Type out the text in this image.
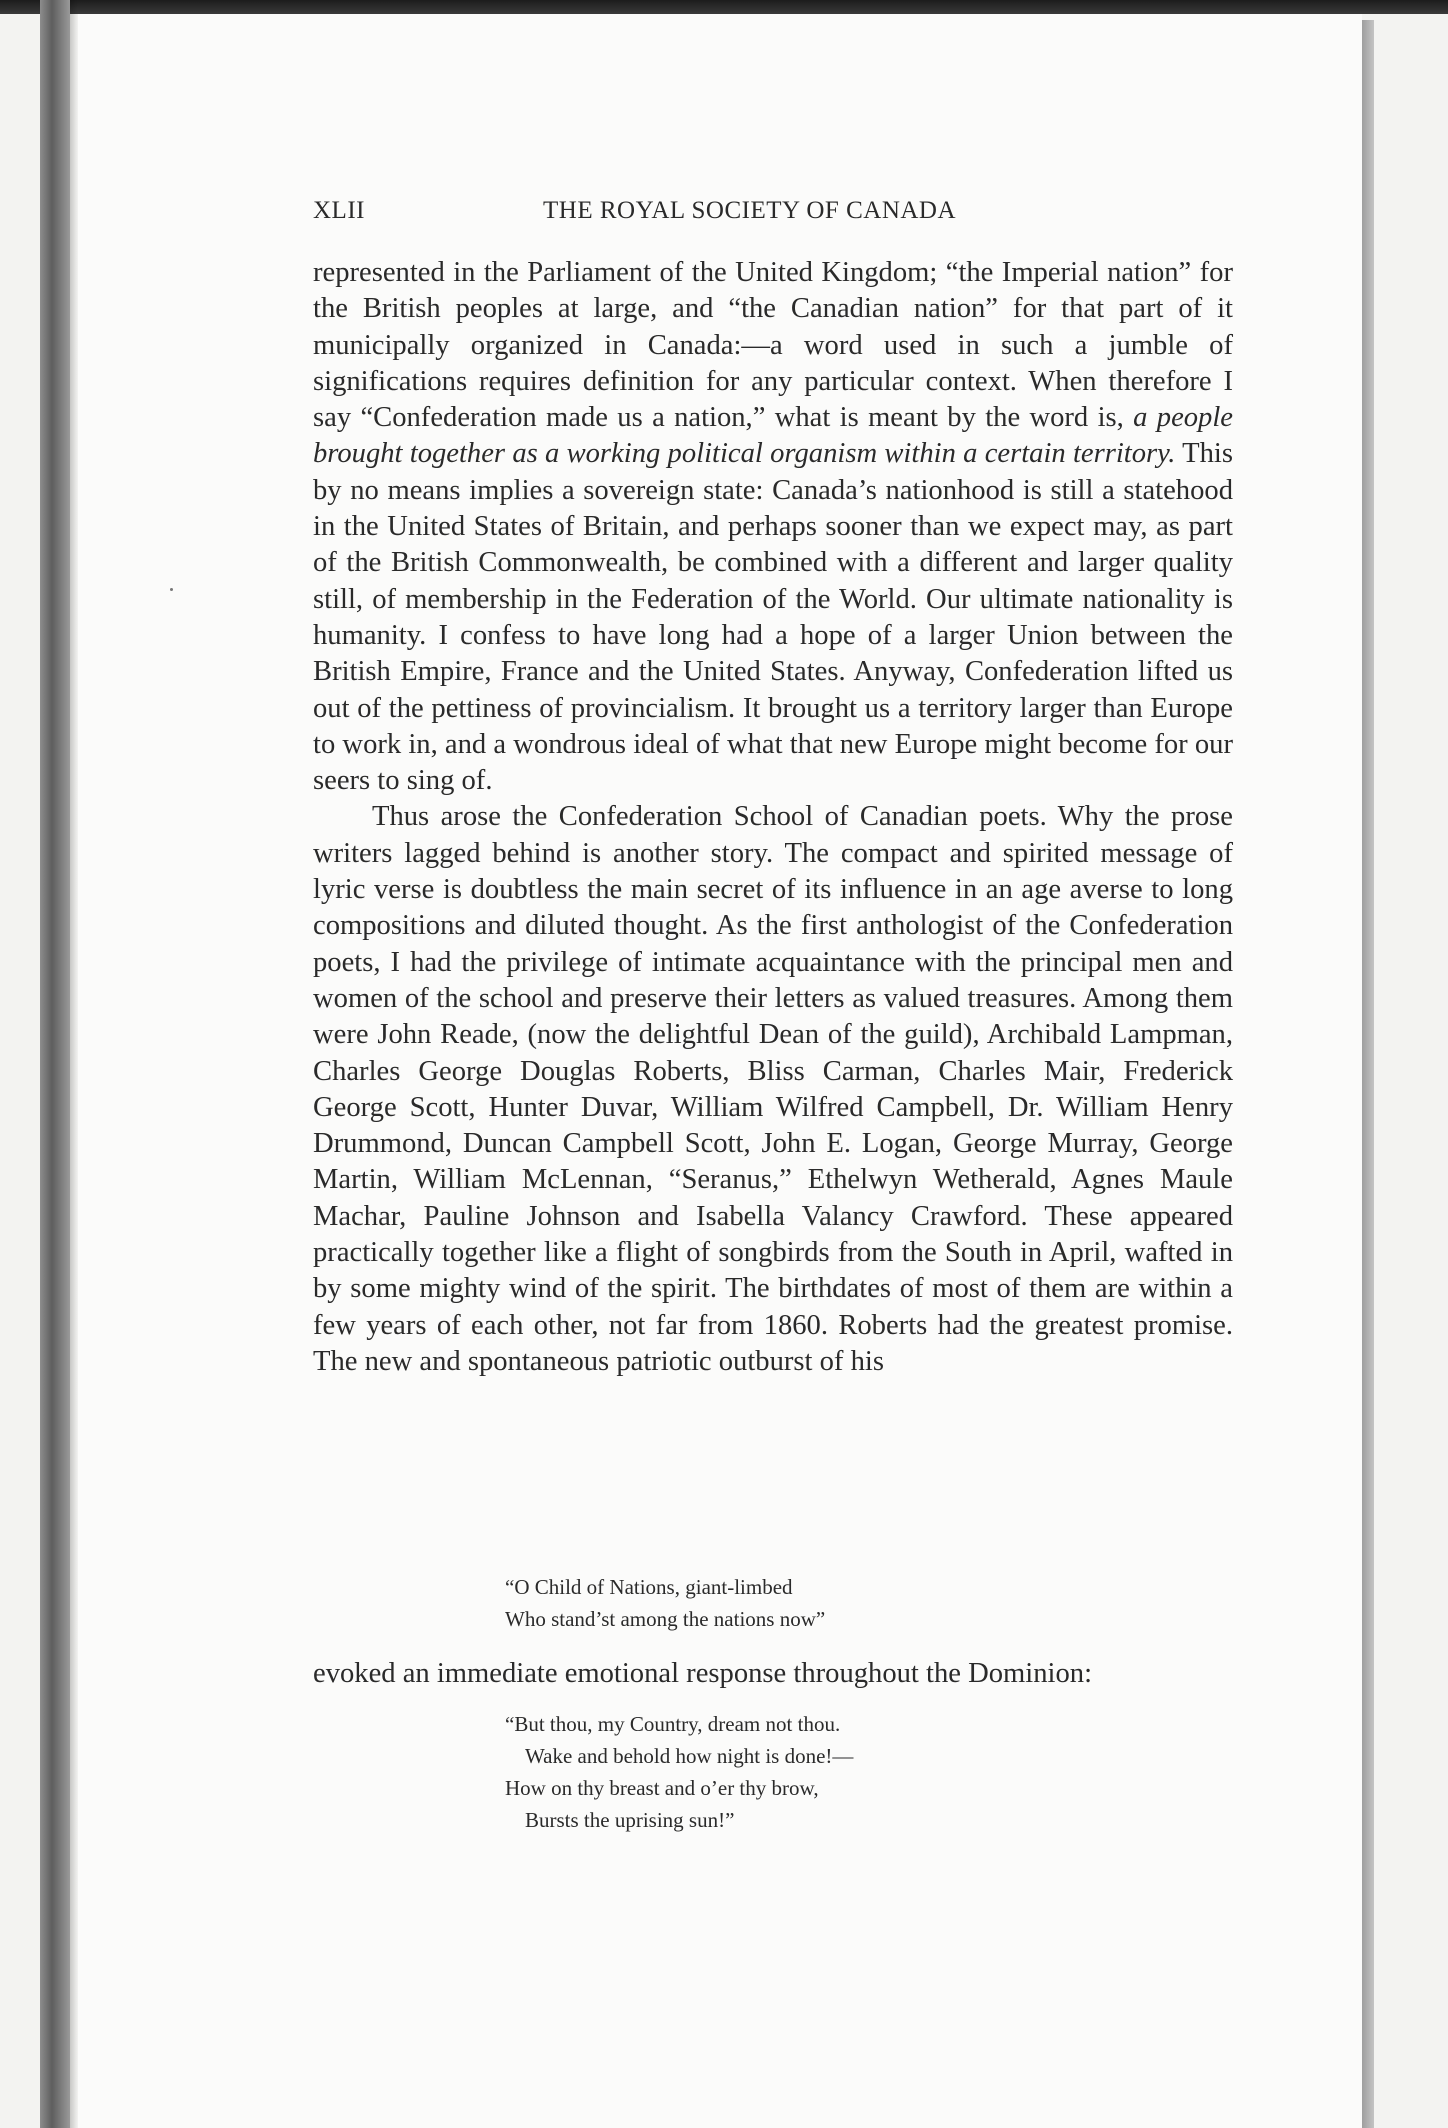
XLII	THE ROYAL SOCIETY OF CANADA

represented in the Parliament of the United Kingdom; “the Imperial nation” for the British peoples at large, and “the Canadian nation” for that part of it municipally organized in Canada:—a word used in such a jumble of significations requires definition for any particular context. When therefore I say “Confederation made us a nation,” what is meant by the word is, a people brought together as a working political organism within a certain territory. This by no means implies a sovereign state: Canada’s nationhood is still a statehood in the United States of Britain, and perhaps sooner than we expect may, as part of the British Commonwealth, be combined with a different and larger quality still, of membership in the Federation of the World. Our ultimate nationality is humanity. I confess to have long had a hope of a larger Union between the British Empire, France and the United States. Anyway, Confederation lifted us out of the pettiness of provincialism. It brought us a territory larger than Europe to work in, and a wondrous ideal of what that new Europe might become for our seers to sing of.

Thus arose the Confederation School of Canadian poets. Why the prose writers lagged behind is another story. The compact and spirited message of lyric verse is doubtless the main secret of its influence in an age averse to long compositions and diluted thought. As the first anthologist of the Confederation poets, I had the privilege of intimate acquaintance with the principal men and women of the school and preserve their letters as valued treasures. Among them were John Reade, (now the delightful Dean of the guild), Archibald Lampman, Charles George Douglas Roberts, Bliss Carman, Charles Mair, Frederick George Scott, Hunter Duvar, William Wilfred Campbell, Dr. William Henry Drummond, Duncan Campbell Scott, John E. Logan, George Murray, George Martin, William McLennan, “Seranus,” Ethelwyn Wetherald, Agnes Maule Machar, Pauline Johnson and Isabella Valancy Crawford. These appeared practically together like a flight of songbirds from the South in April, wafted in by some mighty wind of the spirit. The birthdates of most of them are within a few years of each other, not far from 1860. Roberts had the greatest promise. The new and spontaneous patriotic outburst of his

“O Child of Nations, giant-limbed
Who stand’st among the nations now”

evoked an immediate emotional response throughout the Dominion:

“But thou, my Country, dream not thou.
Wake and behold how night is done!—
How on thy breast and o’er thy brow,
Bursts the uprising sun!”
